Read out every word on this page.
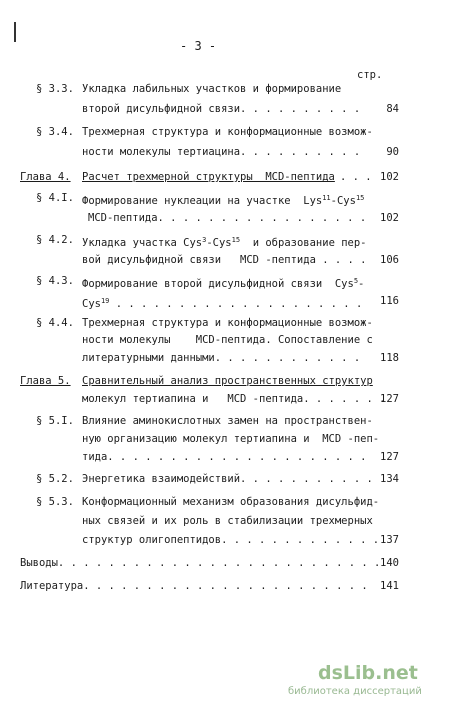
- 3 -
стр.
§ 3.3. Укладка лабильных участков и формирование
второй дисульфидной связи. . . . . . . . . .	84
§ 3.4. Трехмерная структура и конформационные возмож-
ности молекулы тертиацина. . . . . . . . . .	90
Глава 4. Расчет трехмерной структуры  MCD-пептида . . . 102
§ 4.I. Формирование нуклеации на участке  Lys$^{11}$-Cys$^{15}$
MCD-пептида. . . . . . . . . . . . . . . . .	102
§ 4.2. Укладка участка Cys$^3$-Cys$^{15}$  и образование пер-
вой дисульфидной связи   MCD -пептида . . . .	106
§ 4.3. Формирование второй дисульфидной связи  Cys$^5$-
Cys$^{19}$ . . . . . . . . . . . . . . . . . . . .	116
§ 4.4. Трехмерная структура и конформационные возмож-
ности молекулы    MCD-пептида. Сопоставление с
литературными данными. . . . . . . . . . . .	118
Глава 5. Сравнительный анализ пространственных структур
молекул тертиапина и   MCD -пептида. . . . . . .
127
§ 5.I. Влияние аминокислотных замен на пространствен-
ную организацию молекул тертиапина и  MCD -пеп-
тида. . . . . . . . . . . . . . . . . . . . .	127
§ 5.2. Энергетика взаимодействий. . . . . . . . . . . 134
§ 5.3. Конформационный механизм образования дисульфид-
ных связей и их роль в стабилизации трехмерных
структур олигопептидов. . . . . . . . . . . . . 137
Выводы. . . . . . . . . . . . . . . . . . . . . . . . . . 140
Литература. . . . . . . . . . . . . . . . . . . . . . .	141
dsLib.net
библиотека диссертаций
